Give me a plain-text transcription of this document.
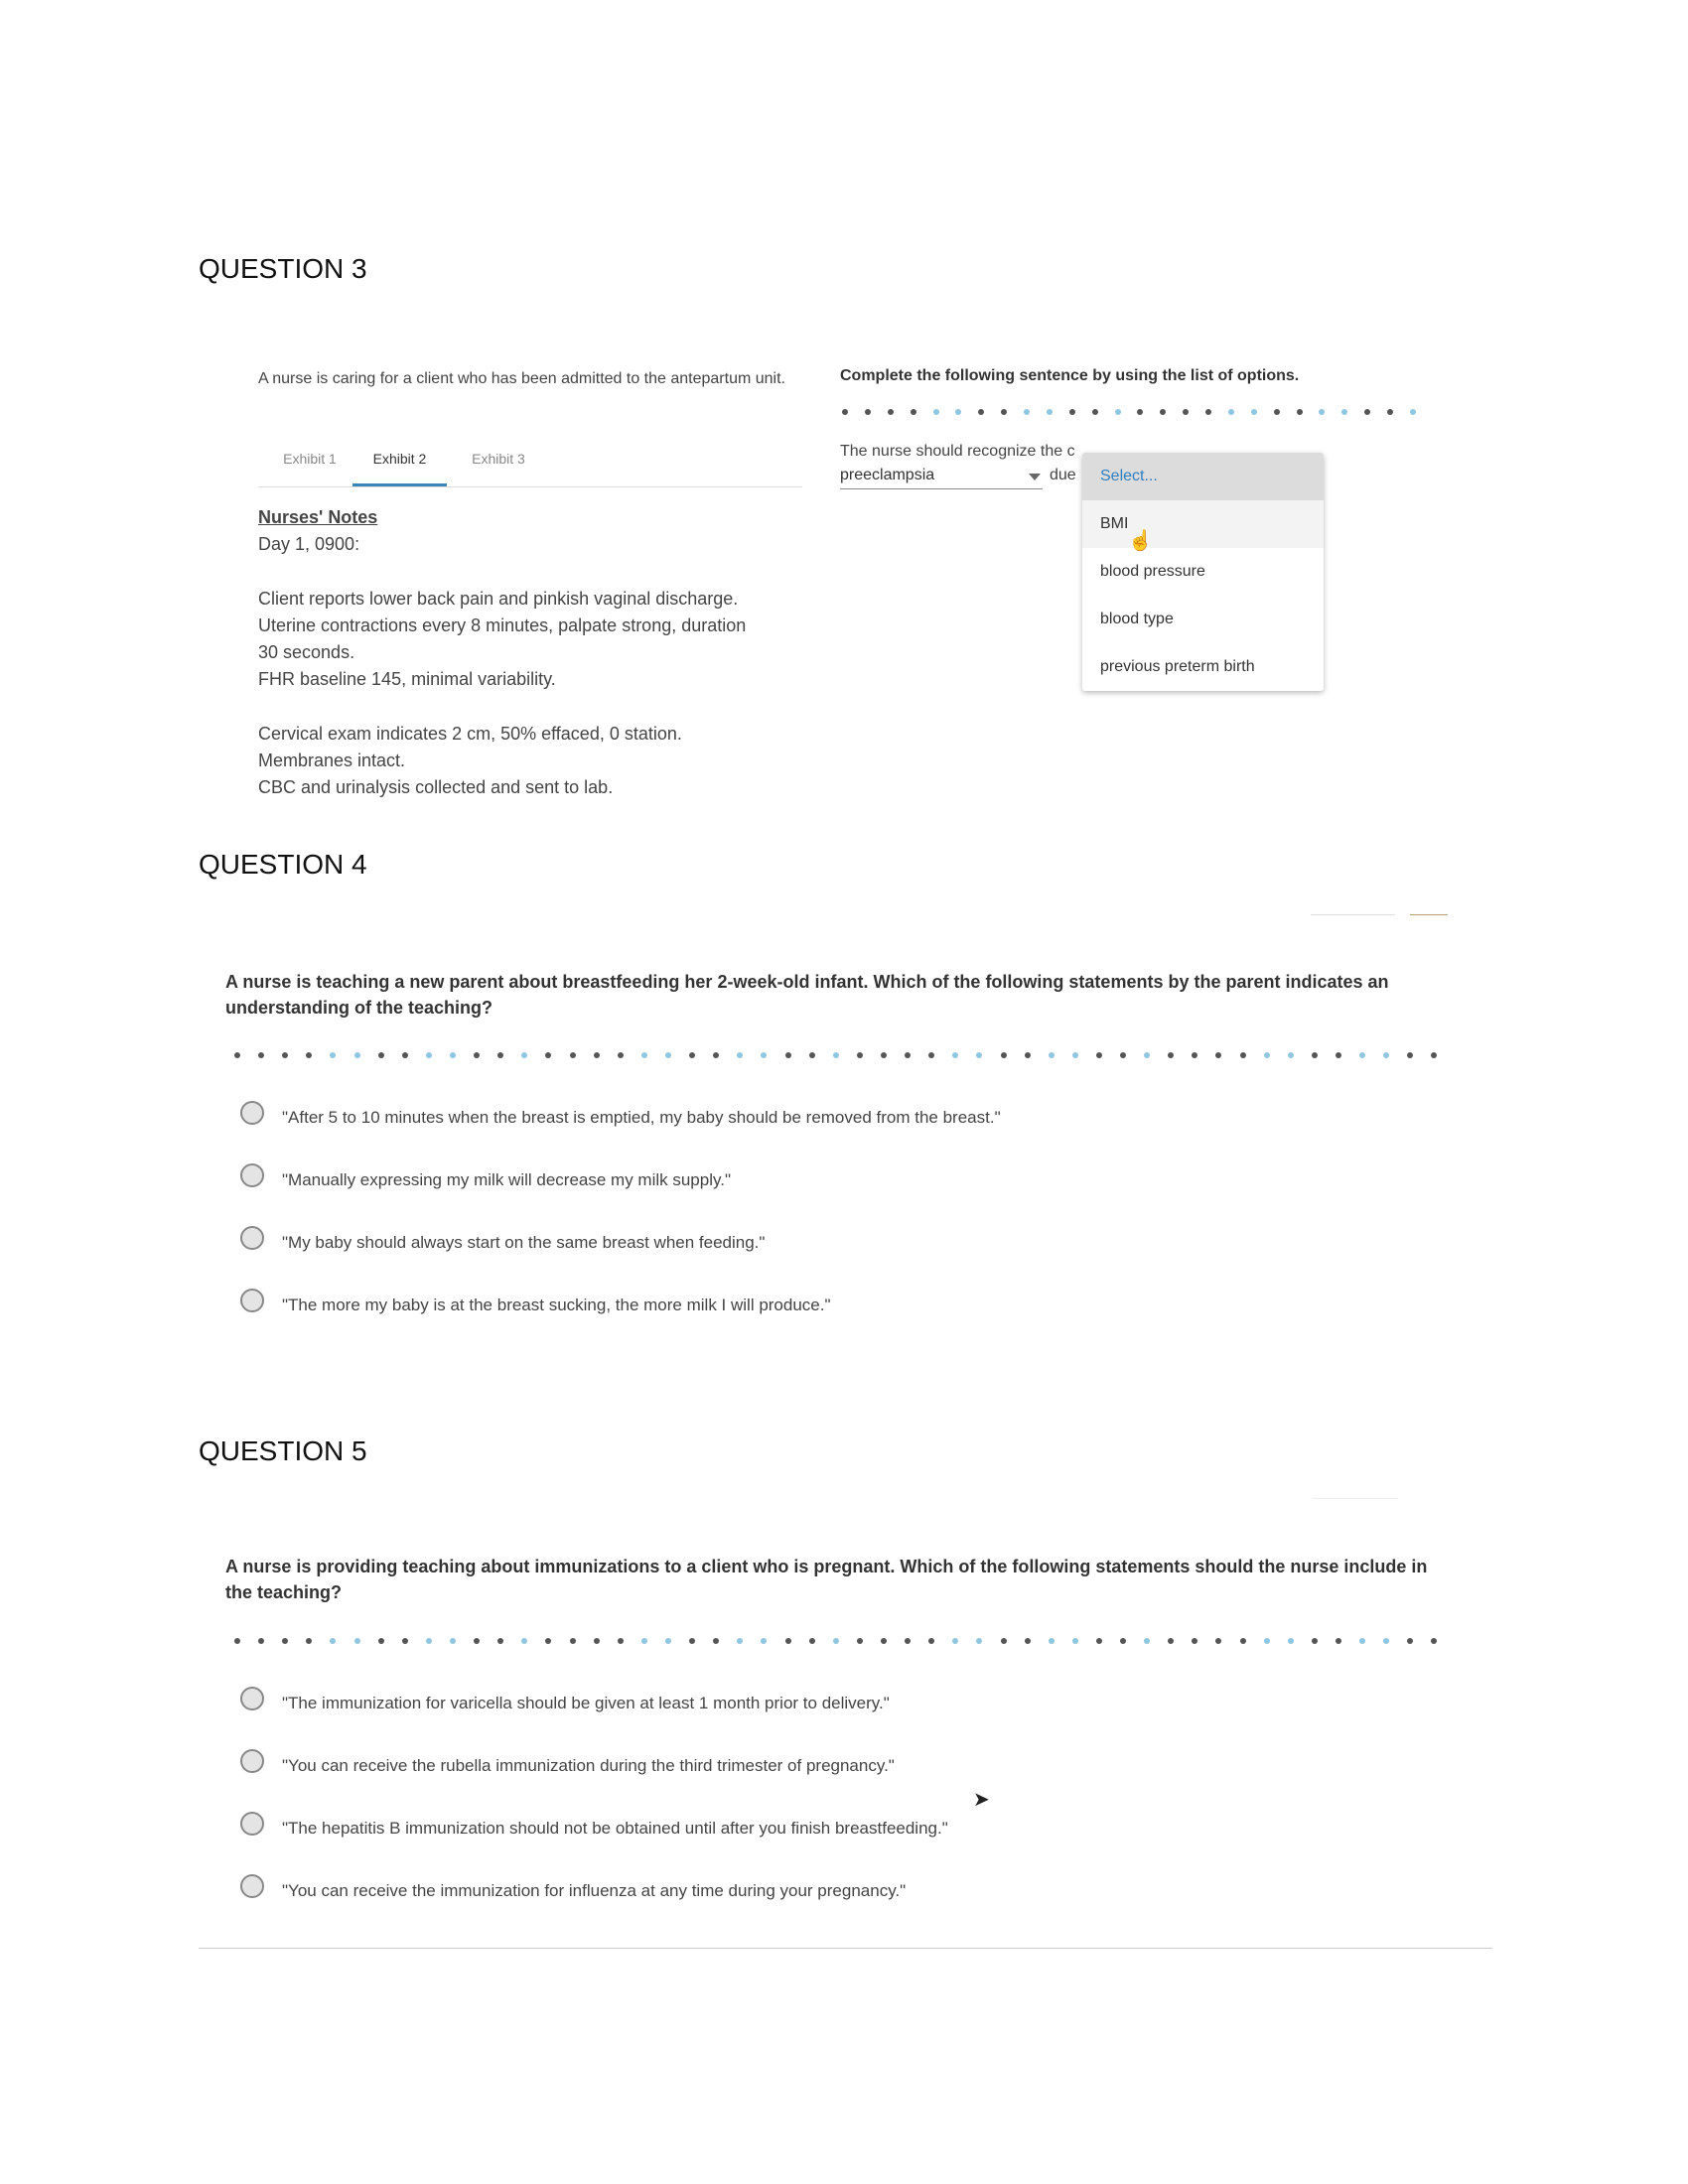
QUESTION 3
A nurse is caring for a client who has been admitted to the antepartum unit.
Exhibit 1	Exhibit 2	Exhibit 3
Nurses' Notes
Day 1, 0900:
Client reports lower back pain and pinkish vaginal discharge.
Uterine contractions every 8 minutes, palpate strong, duration
30 seconds.
FHR baseline 145, minimal variability.
Cervical exam indicates 2 cm, 50% effaced, 0 station.
Membranes intact.
CBC and urinalysis collected and sent to lab.
Complete the following sentence by using the list of options.
The nurse should recognize the c
preeclampsia	due	Select...
BMI
blood pressure
blood type
previous preterm birth
☝
QUESTION 4
A nurse is teaching a new parent about breastfeeding her 2-week-old infant. Which of the following statements by the parent indicates an understanding of the teaching?
"After 5 to 10 minutes when the breast is emptied, my baby should be removed from the breast."
"Manually expressing my milk will decrease my milk supply."
"My baby should always start on the same breast when feeding."
"The more my baby is at the breast sucking, the more milk I will produce."
QUESTION 5
A nurse is providing teaching about immunizations to a client who is pregnant. Which of the following statements should the nurse include in the teaching?
"The immunization for varicella should be given at least 1 month prior to delivery."
"You can receive the rubella immunization during the third trimester of pregnancy."
"The hepatitis B immunization should not be obtained until after you finish breastfeeding."
"You can receive the immunization for influenza at any time during your pregnancy."
➤
